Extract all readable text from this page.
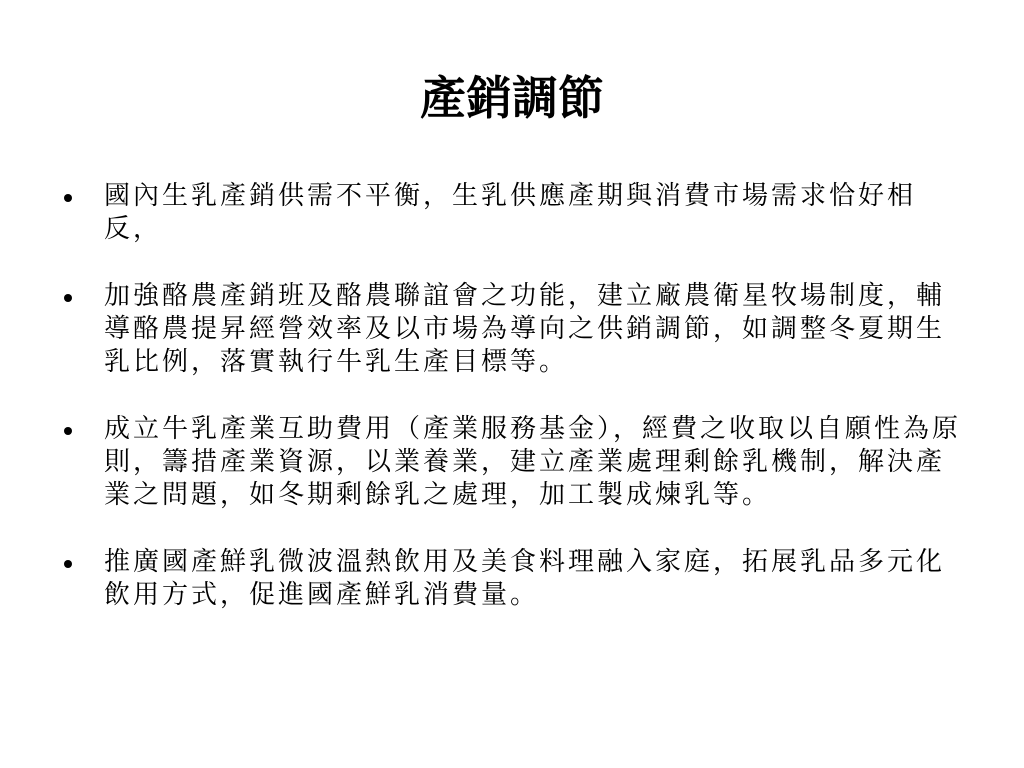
產銷調節
國內生乳產銷供需不平衡，生乳供應產期與消費市場需求恰好相反，
加強酪農產銷班及酪農聯誼會之功能，建立廠農衛星牧場制度，輔導酪農提昇經營效率及以市場為導向之供銷調節，如調整冬夏期生乳比例，落實執行牛乳生產目標等。
成立牛乳產業互助費用（產業服務基金），經費之收取以自願性為原則，籌措產業資源，以業養業，建立產業處理剩餘乳機制，解決產業之問題，如冬期剩餘乳之處理，加工製成煉乳等。
推廣國產鮮乳微波溫熱飲用及美食料理融入家庭，拓展乳品多元化飲用方式，促進國產鮮乳消費量。
